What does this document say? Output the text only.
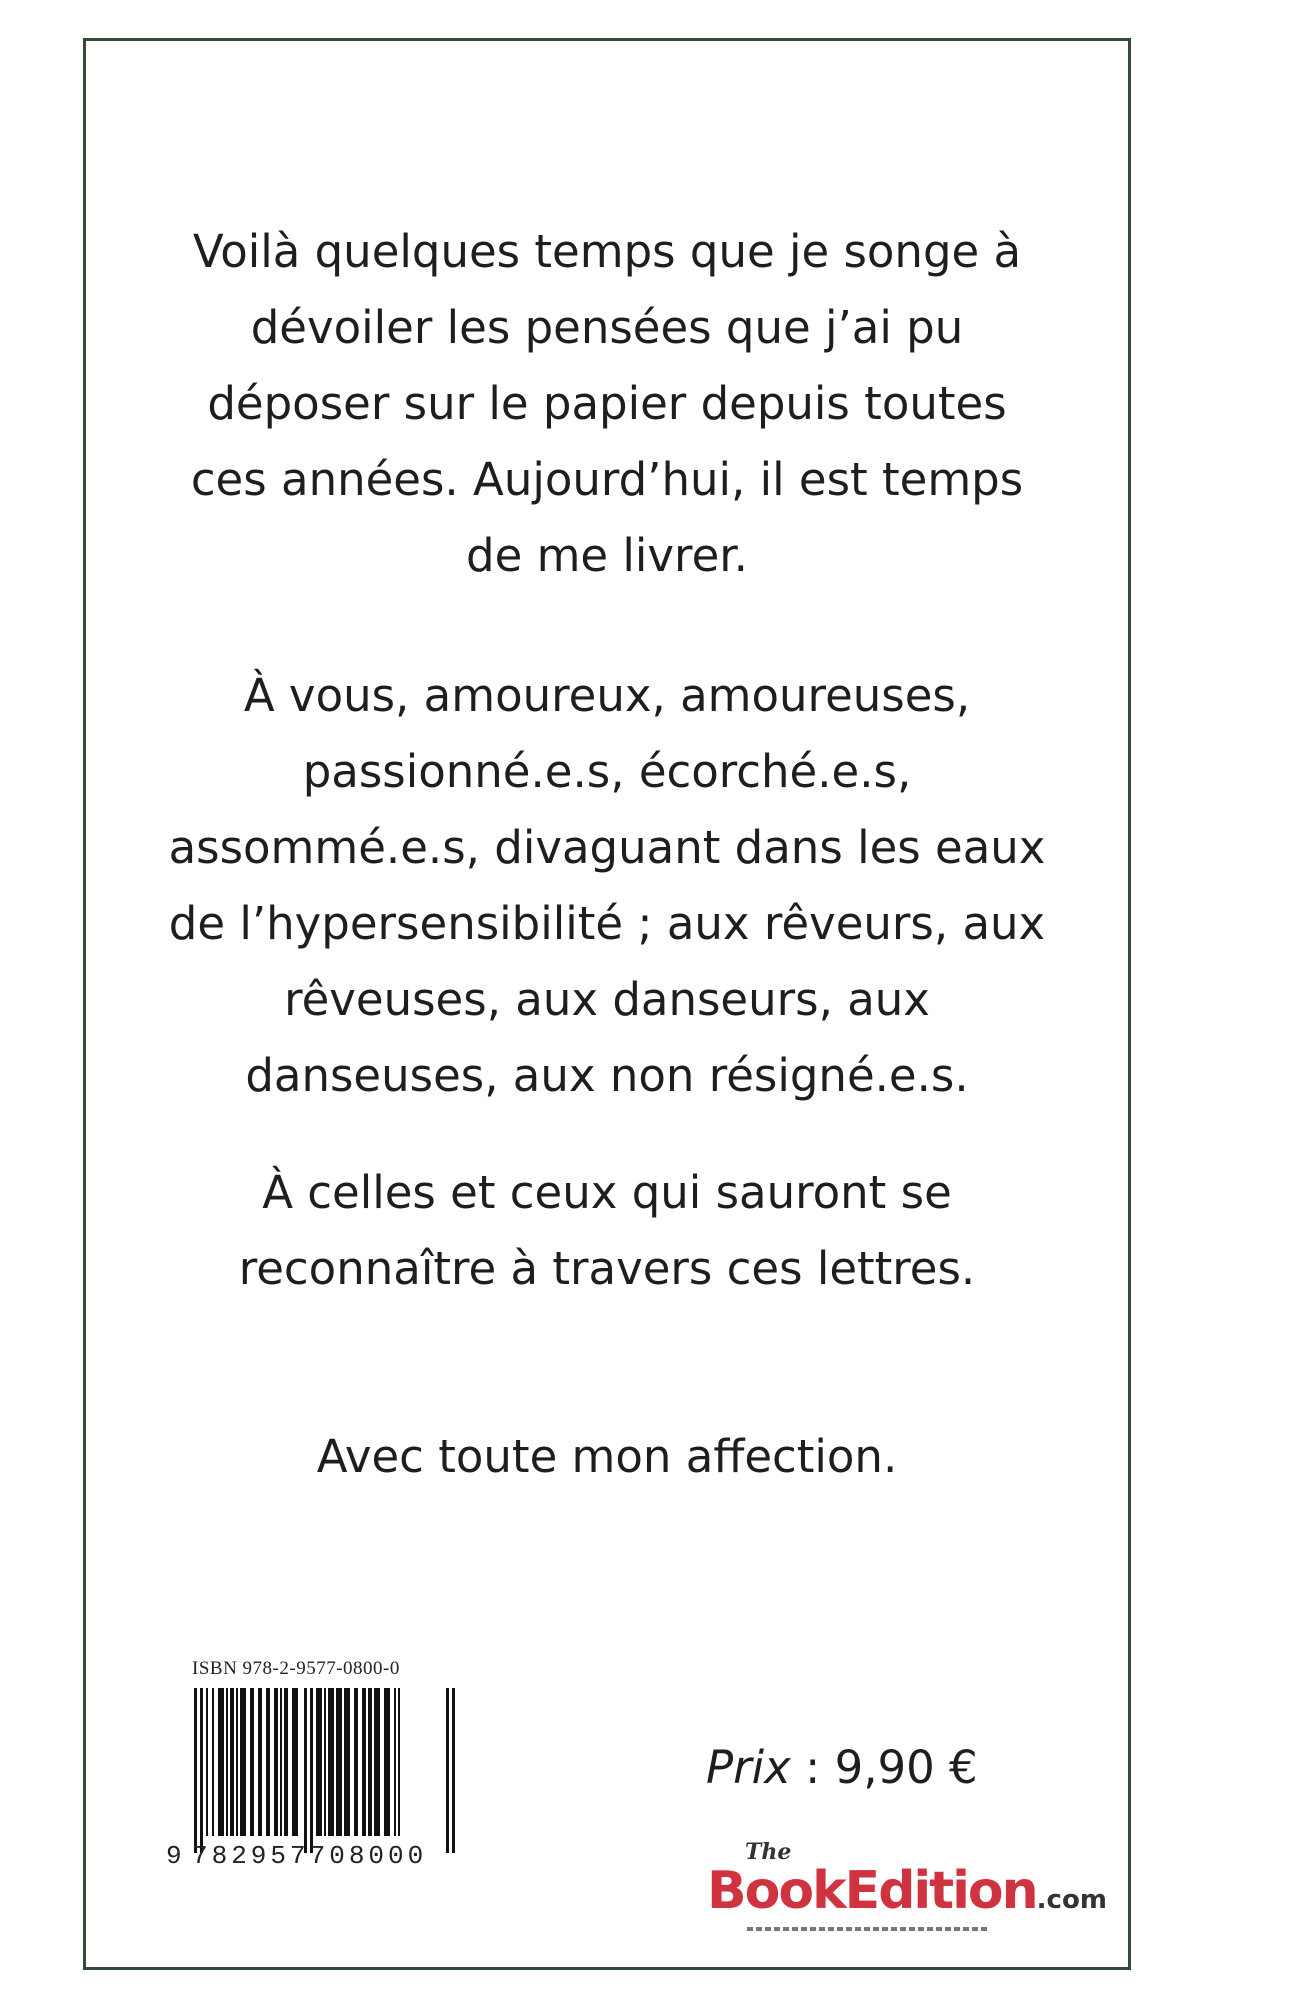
Voilà quelques temps que je songe à dévoiler les pensées que j’ai pu déposer sur le papier depuis toutes ces années. Aujourd’hui, il est temps de me livrer.

À vous, amoureux, amoureuses, passionné.e.s, écorché.e.s, assommé.e.s, divaguant dans les eaux de l’hypersensibilité ; aux rêveurs, aux rêveuses, aux danseurs, aux danseuses, aux non résigné.e.s.

À celles et ceux qui sauront se reconnaître à travers ces lettres.

Avec toute mon affection.

ISBN 978-2-9577-0800-0
9 782957708000
Prix : 9,90 €
The
BookEdition.com
